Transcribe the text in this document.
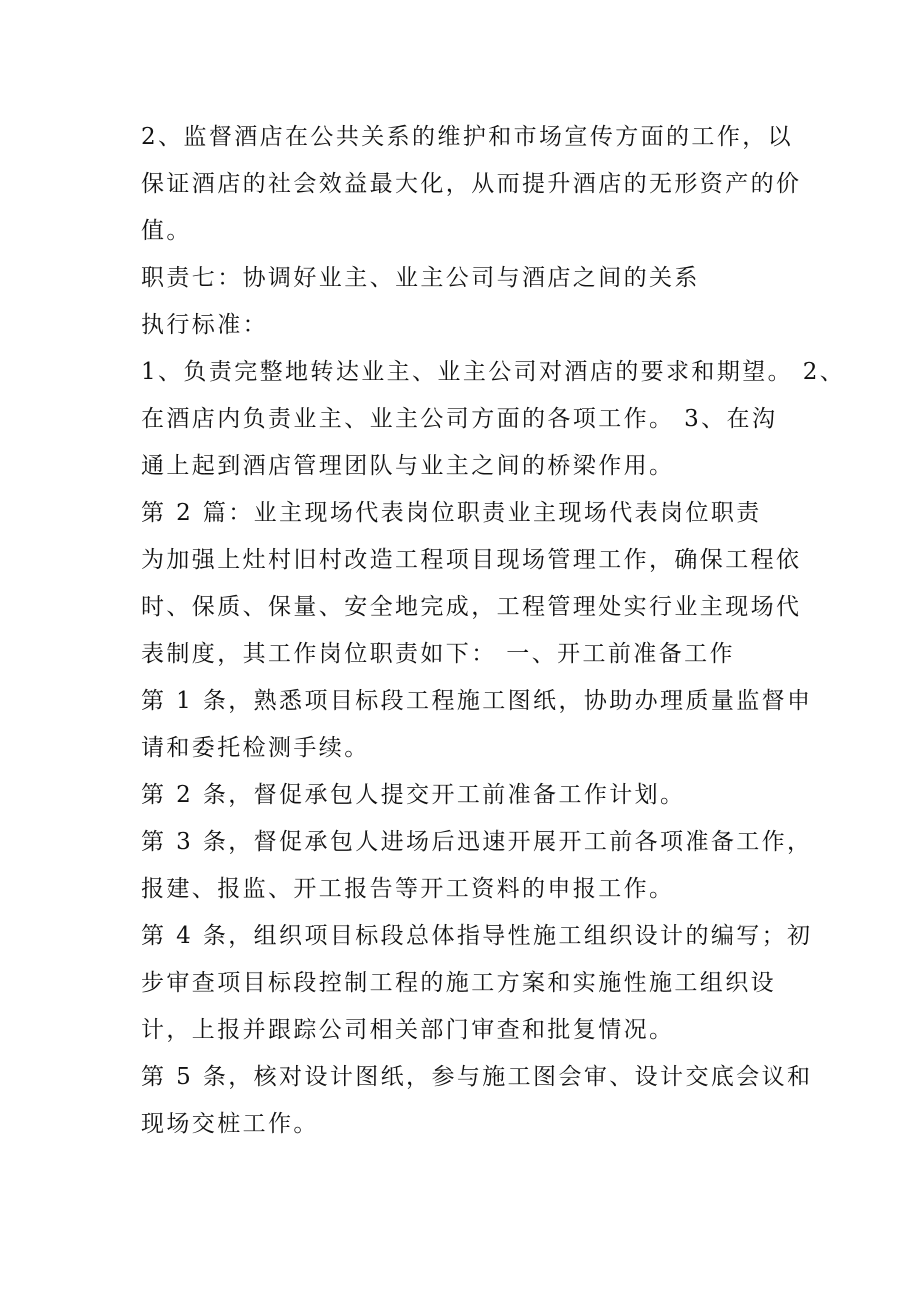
2、监督酒店在公共关系的维护和市场宣传方面的工作，以
保证酒店的社会效益最大化，从而提升酒店的无形资产的价
值。

职责七：协调好业主、业主公司与酒店之间的关系

执行标准：

1、负责完整地转达业主、业主公司对酒店的要求和期望。 2、
在酒店内负责业主、业主公司方面的各项工作。 3、在沟
通上起到酒店管理团队与业主之间的桥梁作用。

第 2 篇：业主现场代表岗位职责业主现场代表岗位职责

为加强上灶村旧村改造工程项目现场管理工作，确保工程依
时、保质、保量、安全地完成，工程管理处实行业主现场代
表制度，其工作岗位职责如下： 一、开工前准备工作

第 1 条，熟悉项目标段工程施工图纸，协助办理质量监督申
请和委托检测手续。

第 2 条，督促承包人提交开工前准备工作计划。

第 3 条，督促承包人进场后迅速开展开工前各项准备工作，
报建、报监、开工报告等开工资料的申报工作。

第 4 条，组织项目标段总体指导性施工组织设计的编写；初
步审查项目标段控制工程的施工方案和实施性施工组织设
计，上报并跟踪公司相关部门审查和批复情况。

第 5 条，核对设计图纸，参与施工图会审、设计交底会议和
现场交桩工作。
